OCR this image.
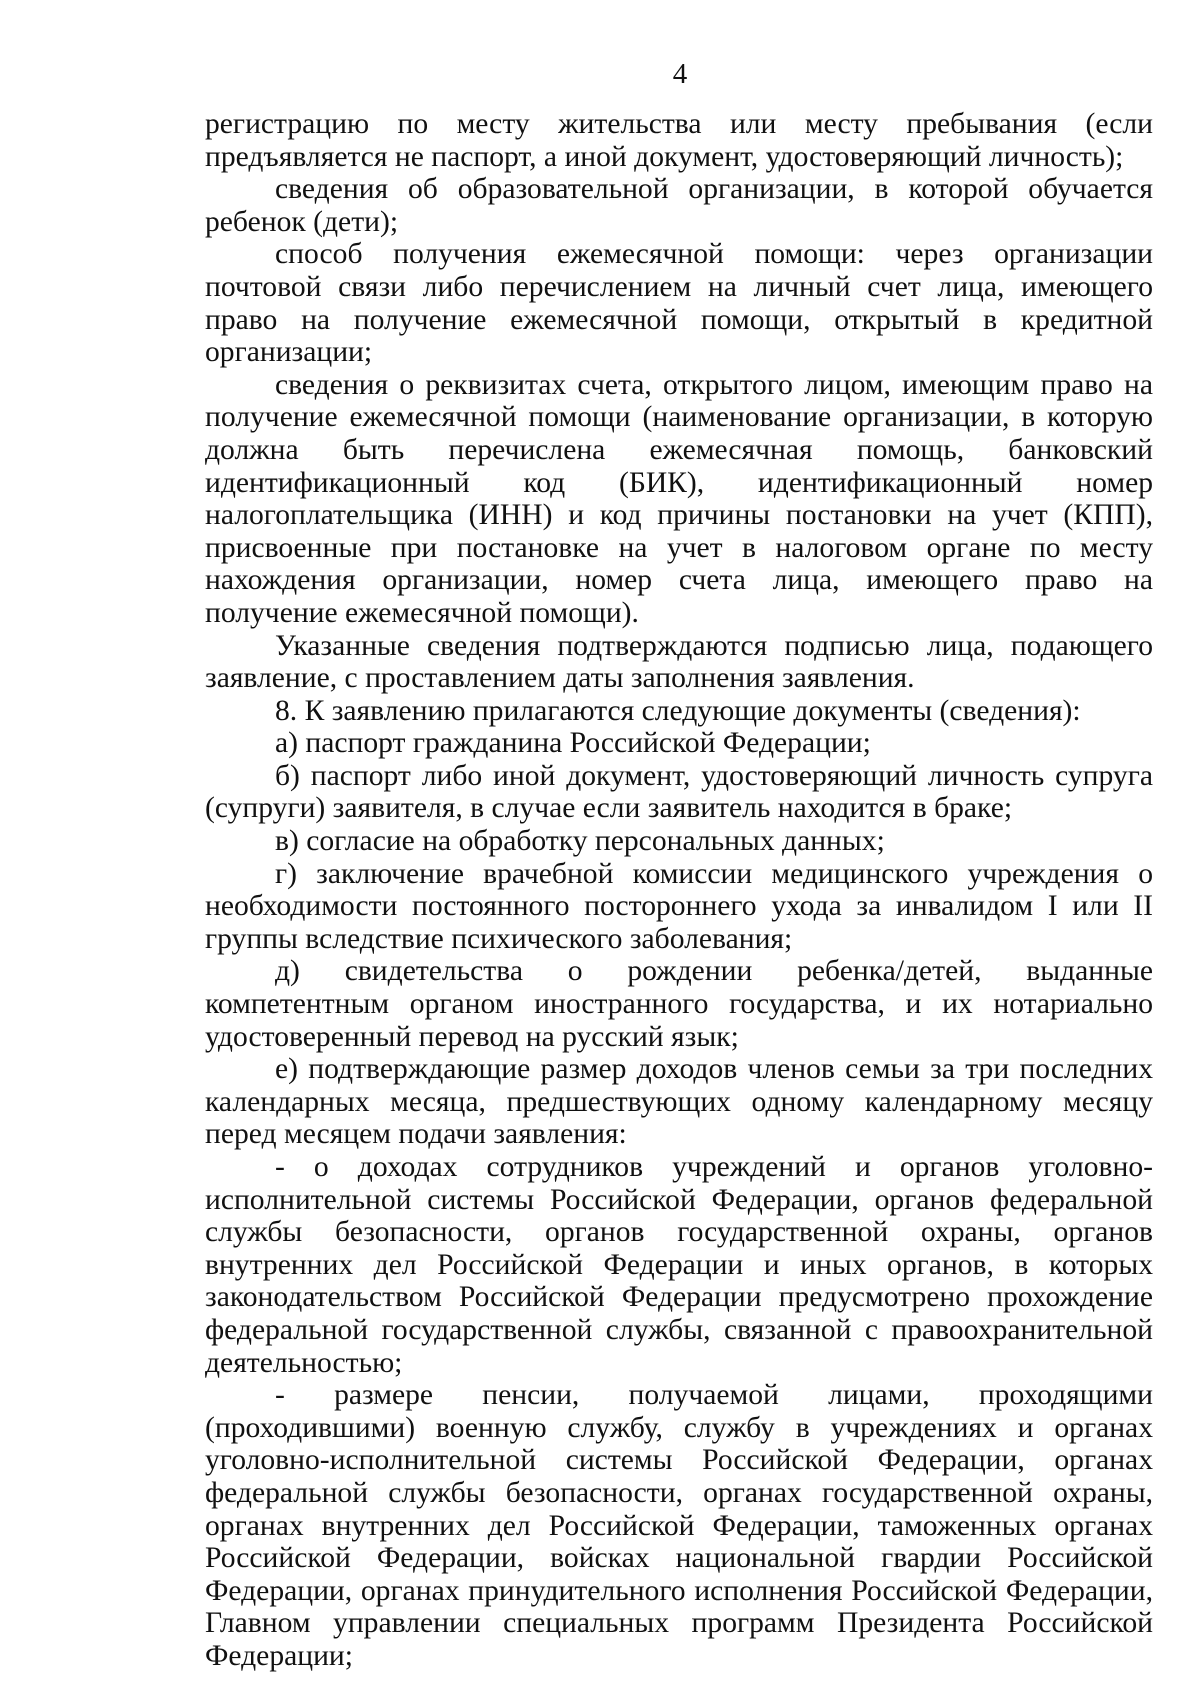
4

регистрацию по месту жительства или месту пребывания (если предъявляется не паспорт, а иной документ, удостоверяющий личность);

сведения об образовательной организации, в которой обучается ребенок (дети);

способ получения ежемесячной помощи: через организации почтовой связи либо перечислением на личный счет лица, имеющего право на получение ежемесячной помощи, открытый в кредитной организации;

сведения о реквизитах счета, открытого лицом, имеющим право на получение ежемесячной помощи (наименование организации, в которую должна быть перечислена ежемесячная помощь, банковский идентификационный код (БИК), идентификационный номер налогоплательщика (ИНН) и код причины постановки на учет (КПП), присвоенные при постановке на учет в налоговом органе по месту нахождения организации, номер счета лица, имеющего право на получение ежемесячной помощи).

Указанные сведения подтверждаются подписью лица, подающего заявление, с проставлением даты заполнения заявления.

8. К заявлению прилагаются следующие документы (сведения):

а) паспорт гражданина Российской Федерации;

б) паспорт либо иной документ, удостоверяющий личность супруга (супруги) заявителя, в случае если заявитель находится в браке;

в) согласие на обработку персональных данных;

г) заключение врачебной комиссии медицинского учреждения о необходимости постоянного постороннего ухода за инвалидом I или II группы вследствие психического заболевания;

д) свидетельства о рождении ребенка/детей, выданные компетентным органом иностранного государства, и их нотариально удостоверенный перевод на русский язык;

е) подтверждающие размер доходов членов семьи за три последних календарных месяца, предшествующих одному календарному месяцу перед месяцем подачи заявления:

- о доходах сотрудников учреждений и органов уголовно-исполнительной системы Российской Федерации, органов федеральной службы безопасности, органов государственной охраны, органов внутренних дел Российской Федерации и иных органов, в которых законодательством Российской Федерации предусмотрено прохождение федеральной государственной службы, связанной с правоохранительной деятельностью;

- размере пенсии, получаемой лицами, проходящими (проходившими) военную службу, службу в учреждениях и органах уголовно-исполнительной системы Российской Федерации, органах федеральной службы безопасности, органах государственной охраны, органах внутренних дел Российской Федерации, таможенных органах Российской Федерации, войсках национальной гвардии Российской Федерации, органах принудительного исполнения Российской Федерации, Главном управлении специальных программ Президента Российской Федерации;
